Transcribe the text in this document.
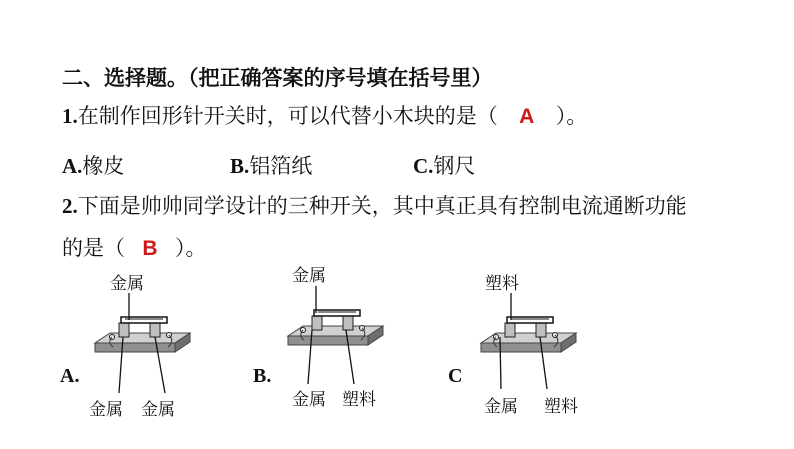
二、选择题。（把正确答案的序号填在括号里）
1.在制作回形针开关时，可以代替小木块的是（ A ）。
A.橡皮	B.铝箔纸	C.钢尺
2.下面是帅帅同学设计的三种开关，其中真正具有控制电流通断功能
的是（ B ）。
金属
A.
金属 金属
金属
B.
金属 塑料
塑料
C
金属 塑料
